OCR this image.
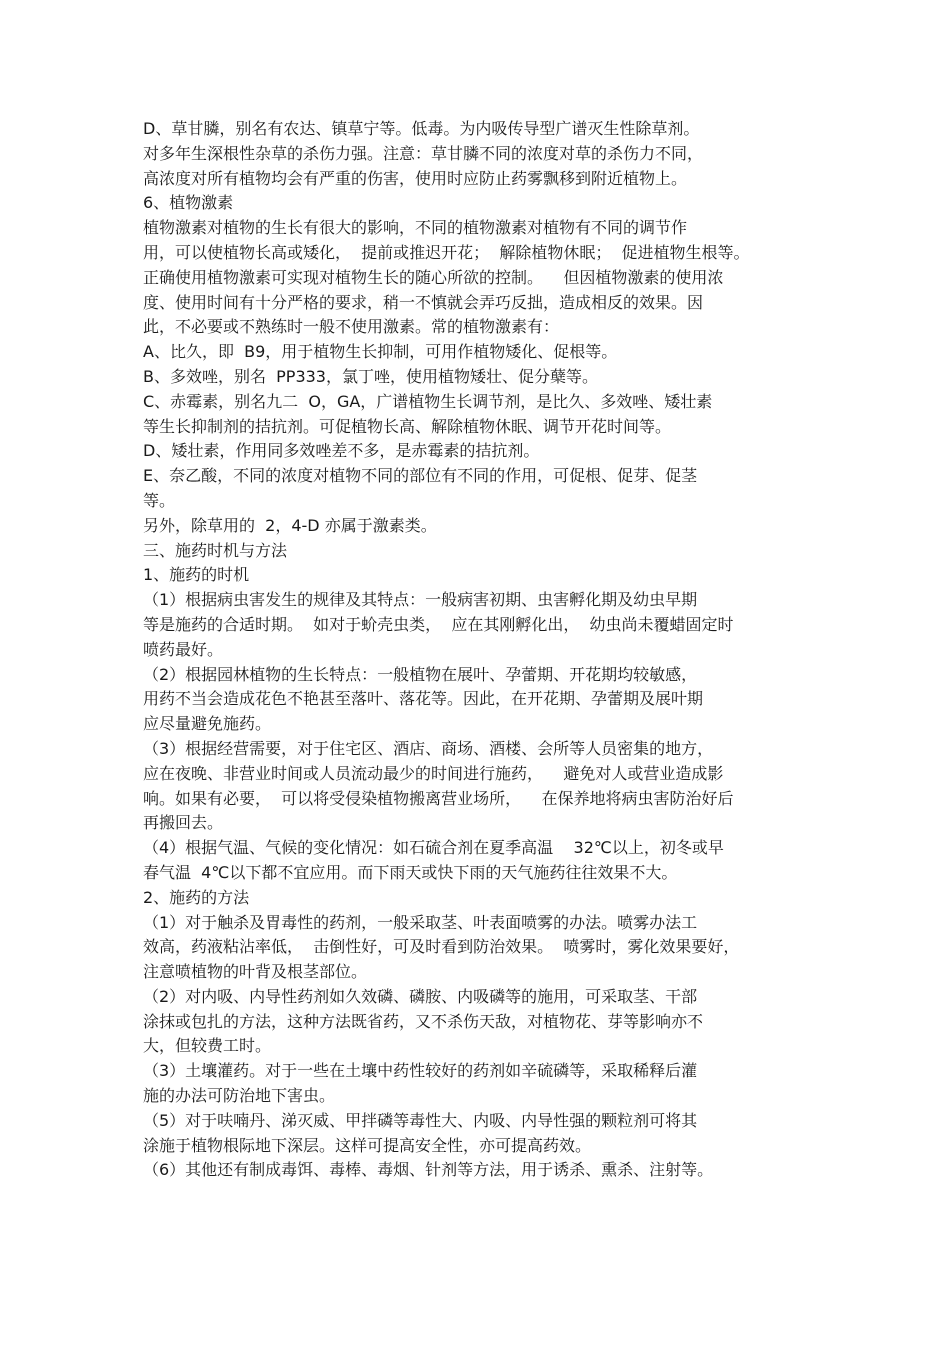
D、草甘膦，别名有农达、镇草宁等。低毒。为内吸传导型广谱灭生性除草剂。
对多年生深根性杂草的杀伤力强。注意：草甘膦不同的浓度对草的杀伤力不同，
高浓度对所有植物均会有严重的伤害，使用时应防止药雾飘移到附近植物上。
6、植物激素
植物激素对植物的生长有很大的影响，不同的植物激素对植物有不同的调节作
用，可以使植物长高或矮化，  提前或推迟开花；  解除植物休眠；  促进植物生根等。
正确使用植物激素可实现对植物生长的随心所欲的控制。    但因植物激素的使用浓
度、使用时间有十分严格的要求，稍一不慎就会弄巧反拙，造成相反的效果。因
此，不必要或不熟练时一般不使用激素。常的植物激素有：
A、比久，即  B9，用于植物生长抑制，可用作植物矮化、促根等。
B、多效唑，别名  PP333，氯丁唑，使用植物矮壮、促分蘖等。
C、赤霉素，别名九二  O，GA，广谱植物生长调节剂，是比久、多效唑、矮壮素
等生长抑制剂的拮抗剂。可促植物长高、解除植物休眠、调节开花时间等。
D、矮壮素，作用同多效唑差不多，是赤霉素的拮抗剂。
E、奈乙酸，不同的浓度对植物不同的部位有不同的作用，可促根、促芽、促茎
等。
另外，除草用的  2，4-D 亦属于激素类。
三、施药时机与方法
1、施药的时机
（1）根据病虫害发生的规律及其特点：一般病害初期、虫害孵化期及幼虫早期
等是施药的合适时期。  如对于蚧壳虫类，  应在其刚孵化出，  幼虫尚未覆蜡固定时
喷药最好。
（2）根据园林植物的生长特点：一般植物在展叶、孕蕾期、开花期均较敏感，
用药不当会造成花色不艳甚至落叶、落花等。因此，在开花期、孕蕾期及展叶期
应尽量避免施药。
（3）根据经营需要，对于住宅区、酒店、商场、酒楼、会所等人员密集的地方，
应在夜晚、非营业时间或人员流动最少的时间进行施药，    避免对人或营业造成影
响。如果有必要，  可以将受侵染植物搬离营业场所，    在保养地将病虫害防治好后
再搬回去。
（4）根据气温、气候的变化情况：如石硫合剂在夏季高温    32℃以上，初冬或早
春气温  4℃以下都不宜应用。而下雨天或快下雨的天气施药往往效果不大。
2、施药的方法
（1）对于触杀及胃毒性的药剂，一般采取茎、叶表面喷雾的办法。喷雾办法工
效高，药液粘沾率低，  击倒性好，可及时看到防治效果。  喷雾时，雾化效果要好，
注意喷植物的叶背及根茎部位。
（2）对内吸、内导性药剂如久效磷、磷胺、内吸磷等的施用，可采取茎、干部
涂抹或包扎的方法，这种方法既省药，又不杀伤天敌，对植物花、芽等影响亦不
大，但较费工时。
（3）土壤灌药。对于一些在土壤中药性较好的药剂如辛硫磷等，采取稀释后灌
施的办法可防治地下害虫。
（5）对于呋喃丹、涕灭威、甲拌磷等毒性大、内吸、内导性强的颗粒剂可将其
涂施于植物根际地下深层。这样可提高安全性，亦可提高药效。
（6）其他还有制成毒饵、毒棒、毒烟、针剂等方法，用于诱杀、熏杀、注射等。
